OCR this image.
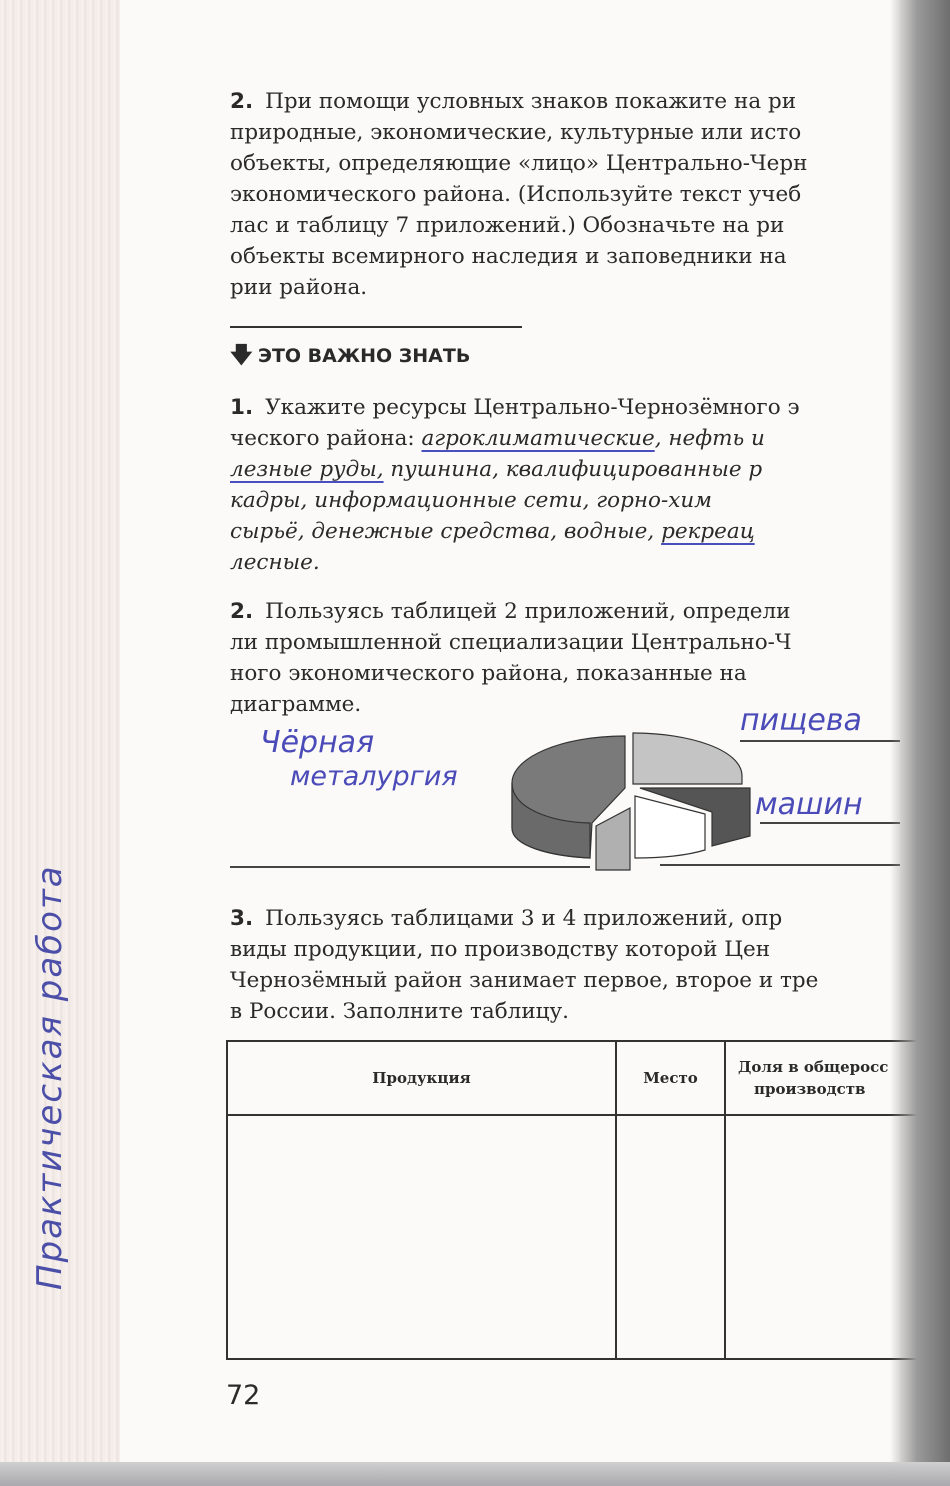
Практическая работа

2. При помощи условных знаков покажите на ри

природные, экономические, культурные или исто

объекты, определяющие «лицо» Центрально-Черн

экономического района. (Используйте текст учеб

лас и таблицу 7 приложений.) Обозначьте на ри

объекты всемирного наследия и заповедники на

рии района.

🡇 ЭТО ВАЖНО ЗНАТЬ

1. Укажите ресурсы Центрально-Чернозёмного э

ческого района: агроклиматические, нефть и

лезные руды, пушнина, квалифицированные р

кадры, информационные сети, горно-хим

сырьё, денежные средства, водные, рекреац

лесные.

2. Пользуясь таблицей 2 приложений, определи

ли промышленной специализации Центрально-Ч

ного экономического района, показанные на

диаграмме.

Чёрная
металургия
пищева
машин

3. Пользуясь таблицами 3 и 4 приложений, опр

виды продукции, по производству которой Цен

Чернозёмный район занимает первое, второе и тре

в России. Заполните таблицу.

Продукция	Место	Доля в общеросс
производств

72
